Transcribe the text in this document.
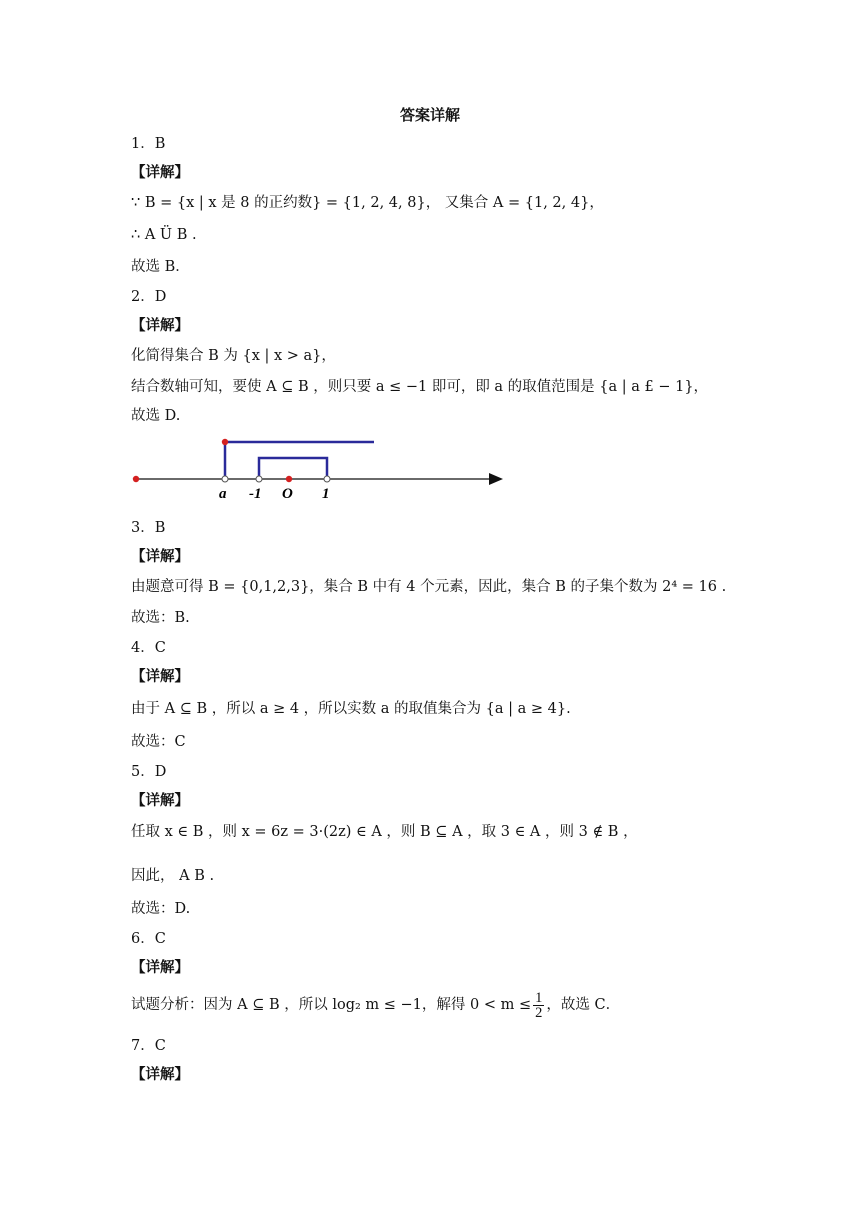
答案详解
1．B
【详解】
∵ B = {x | x 是 8 的正约数} = {1, 2, 4, 8}， 又集合 A = {1, 2, 4}，
∴ A Ü B .
故选 B．
2．D
【详解】
化简得集合 B 为 {x | x > a}，
结合数轴可知，要使 A ⊆ B ，则只要 a ≤ −1 即可，即 a 的取值范围是 {a | a £ − 1}，
故选 D.
a -1 O 1
3．B
【详解】
由题意可得 B = {0,1,2,3}，集合 B 中有 4 个元素，因此，集合 B 的子集个数为 2⁴ = 16 .
故选：B.
4．C
【详解】
由于 A ⊆ B ，所以 a ≥ 4 ，所以实数 a 的取值集合为 {a | a ≥ 4}.
故选：C
5．D
【详解】
任取 x ∈ B ，则 x = 6z = 3·(2z) ∈ A ，则 B ⊆ A ，取 3 ∈ A ，则 3 ∉ B ，
因此， A B .
故选：D.
6．C
【详解】
试题分析：因为 A ⊆ B ，所以 log₂ m ≤ −1，解得 $0 < m \le \frac{1}{2}$ ，故选 C．
7．C
【详解】
